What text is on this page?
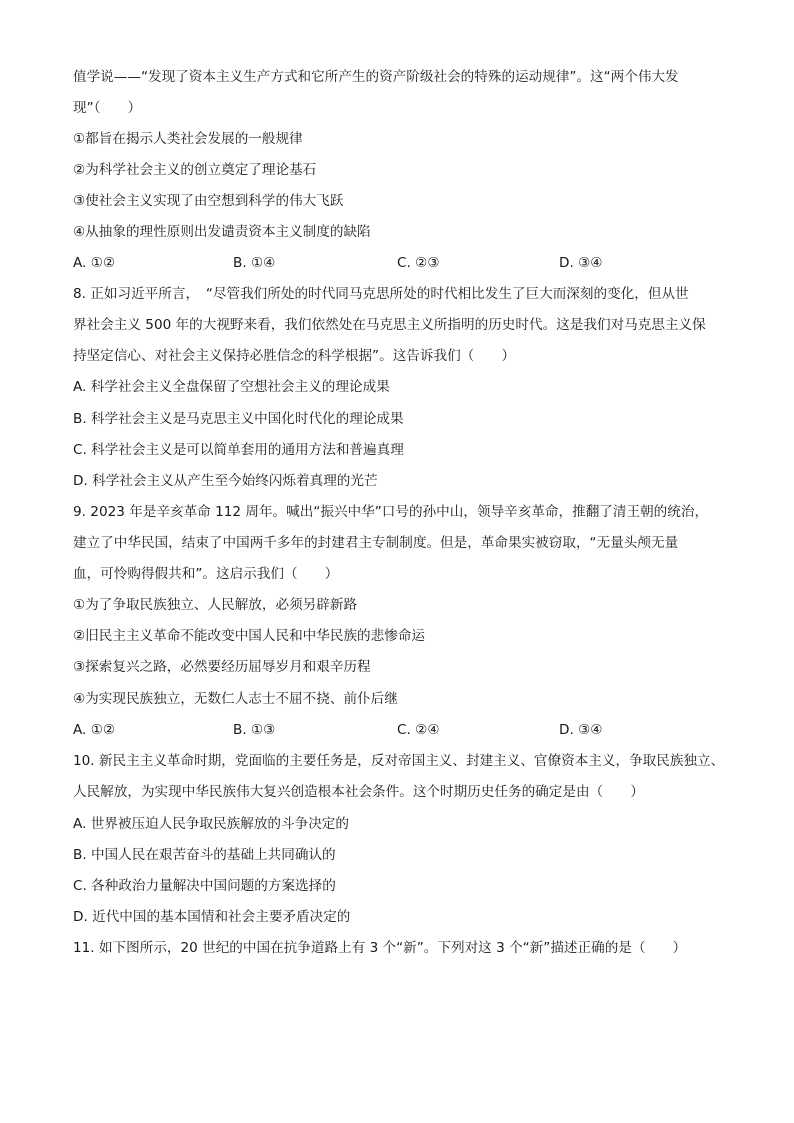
值学说——“发现了资本主义生产方式和它所产生的资产阶级社会的特殊的运动规律”。这“两个伟大发
现”（　　）
①都旨在揭示人类社会发展的一般规律
②为科学社会主义的创立奠定了理论基石
③使社会主义实现了由空想到科学的伟大飞跃
④从抽象的理性原则出发谴责资本主义制度的缺陷
A. ①②	B. ①④	C. ②③	D. ③④
8. 正如习近平所言，　“尽管我们所处的时代同马克思所处的时代相比发生了巨大而深刻的变化，但从世
界社会主义 500 年的大视野来看，我们依然处在马克思主义所指明的历史时代。这是我们对马克思主义保
持坚定信心、对社会主义保持必胜信念的科学根据”。这告诉我们（　　）
A. 科学社会主义全盘保留了空想社会主义的理论成果
B. 科学社会主义是马克思主义中国化时代化的理论成果
C. 科学社会主义是可以简单套用的通用方法和普遍真理
D. 科学社会主义从产生至今始终闪烁着真理的光芒
9. 2023 年是辛亥革命 112 周年。喊出“振兴中华”口号的孙中山，领导辛亥革命，推翻了清王朝的统治，
建立了中华民国，结束了中国两千多年的封建君主专制制度。但是，革命果实被窃取，“无量头颅无量
血，可怜购得假共和”。这启示我们（　　）
①为了争取民族独立、人民解放，必须另辟新路
②旧民主主义革命不能改变中国人民和中华民族的悲惨命运
③探索复兴之路，必然要经历屈辱岁月和艰辛历程
④为实现民族独立，无数仁人志士不屈不挠、前仆后继
A. ①②	B. ①③	C. ②④	D. ③④
10. 新民主主义革命时期，党面临的主要任务是，反对帝国主义、封建主义、官僚资本主义，争取民族独立、
人民解放，为实现中华民族伟大复兴创造根本社会条件。这个时期历史任务的确定是由（　　）
A. 世界被压迫人民争取民族解放的斗争决定的
B. 中国人民在艰苦奋斗的基础上共同确认的
C. 各种政治力量解决中国问题的方案选择的
D. 近代中国的基本国情和社会主要矛盾决定的
11. 如下图所示，20 世纪的中国在抗争道路上有 3 个“新”。下列对这 3 个“新”描述正确的是（　　）
